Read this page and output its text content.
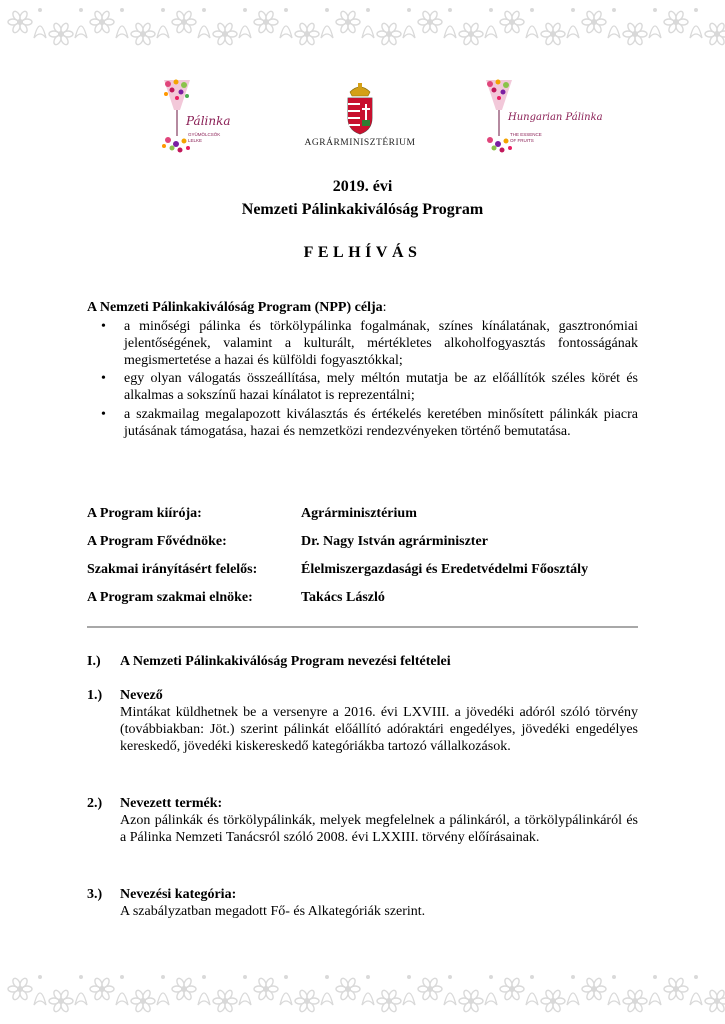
Pálinka
GYÜMÖLCSÖK
LELKE	AGRÁRMINISZTÉRIUM
Hungarian Pálinka
THE ESSENCE
OF FRUITS
2019. évi
Nemzeti Pálinkakiválóság Program
FELHÍVÁS
A Nemzeti Pálinkakiválóság Program (NPP) célja:
• a minőségi pálinka és törkölypálinka fogalmának, színes kínálatának, gasztronómiai jelentőségének, valamint a kulturált, mértékletes alkoholfogyasztás fontosságának megismertetése a hazai és külföldi fogyasztókkal;
• egy olyan válogatás összeállítása, mely méltón mutatja be az előállítók széles körét és alkalmas a sokszínű hazai kínálatot is reprezentálni;
• a szakmailag megalapozott kiválasztás és értékelés keretében minősített pálinkák piacra jutásának támogatása, hazai és nemzetközi rendezvényeken történő bemutatása.
A Program kiírója:	Agrárminisztérium
A Program Fővédnöke:	Dr. Nagy István agrárminiszter
Szakmai irányításért felelős:	Élelmiszergazdasági és Eredetvédelmi Főosztály
A Program szakmai elnöke:	Takács László
I.) A Nemzeti Pálinkakiválóság Program nevezési feltételei
1.) Nevező
Mintákat küldhetnek be a versenyre a 2016. évi LXVIII. a jövedéki adóról szóló törvény (továbbiakban: Jöt.) szerint pálinkát előállító adóraktári engedélyes, jövedéki engedélyes kereskedő, jövedéki kiskereskedő kategóriákba tartozó vállalkozások.
2.) Nevezett termék:
Azon pálinkák és törkölypálinkák, melyek megfelelnek a pálinkáról, a törkölypálinkáról és a Pálinka Nemzeti Tanácsról szóló 2008. évi LXXIII. törvény előírásainak.
3.) Nevezési kategória:
A szabályzatban megadott Fő- és Alkategóriák szerint.
